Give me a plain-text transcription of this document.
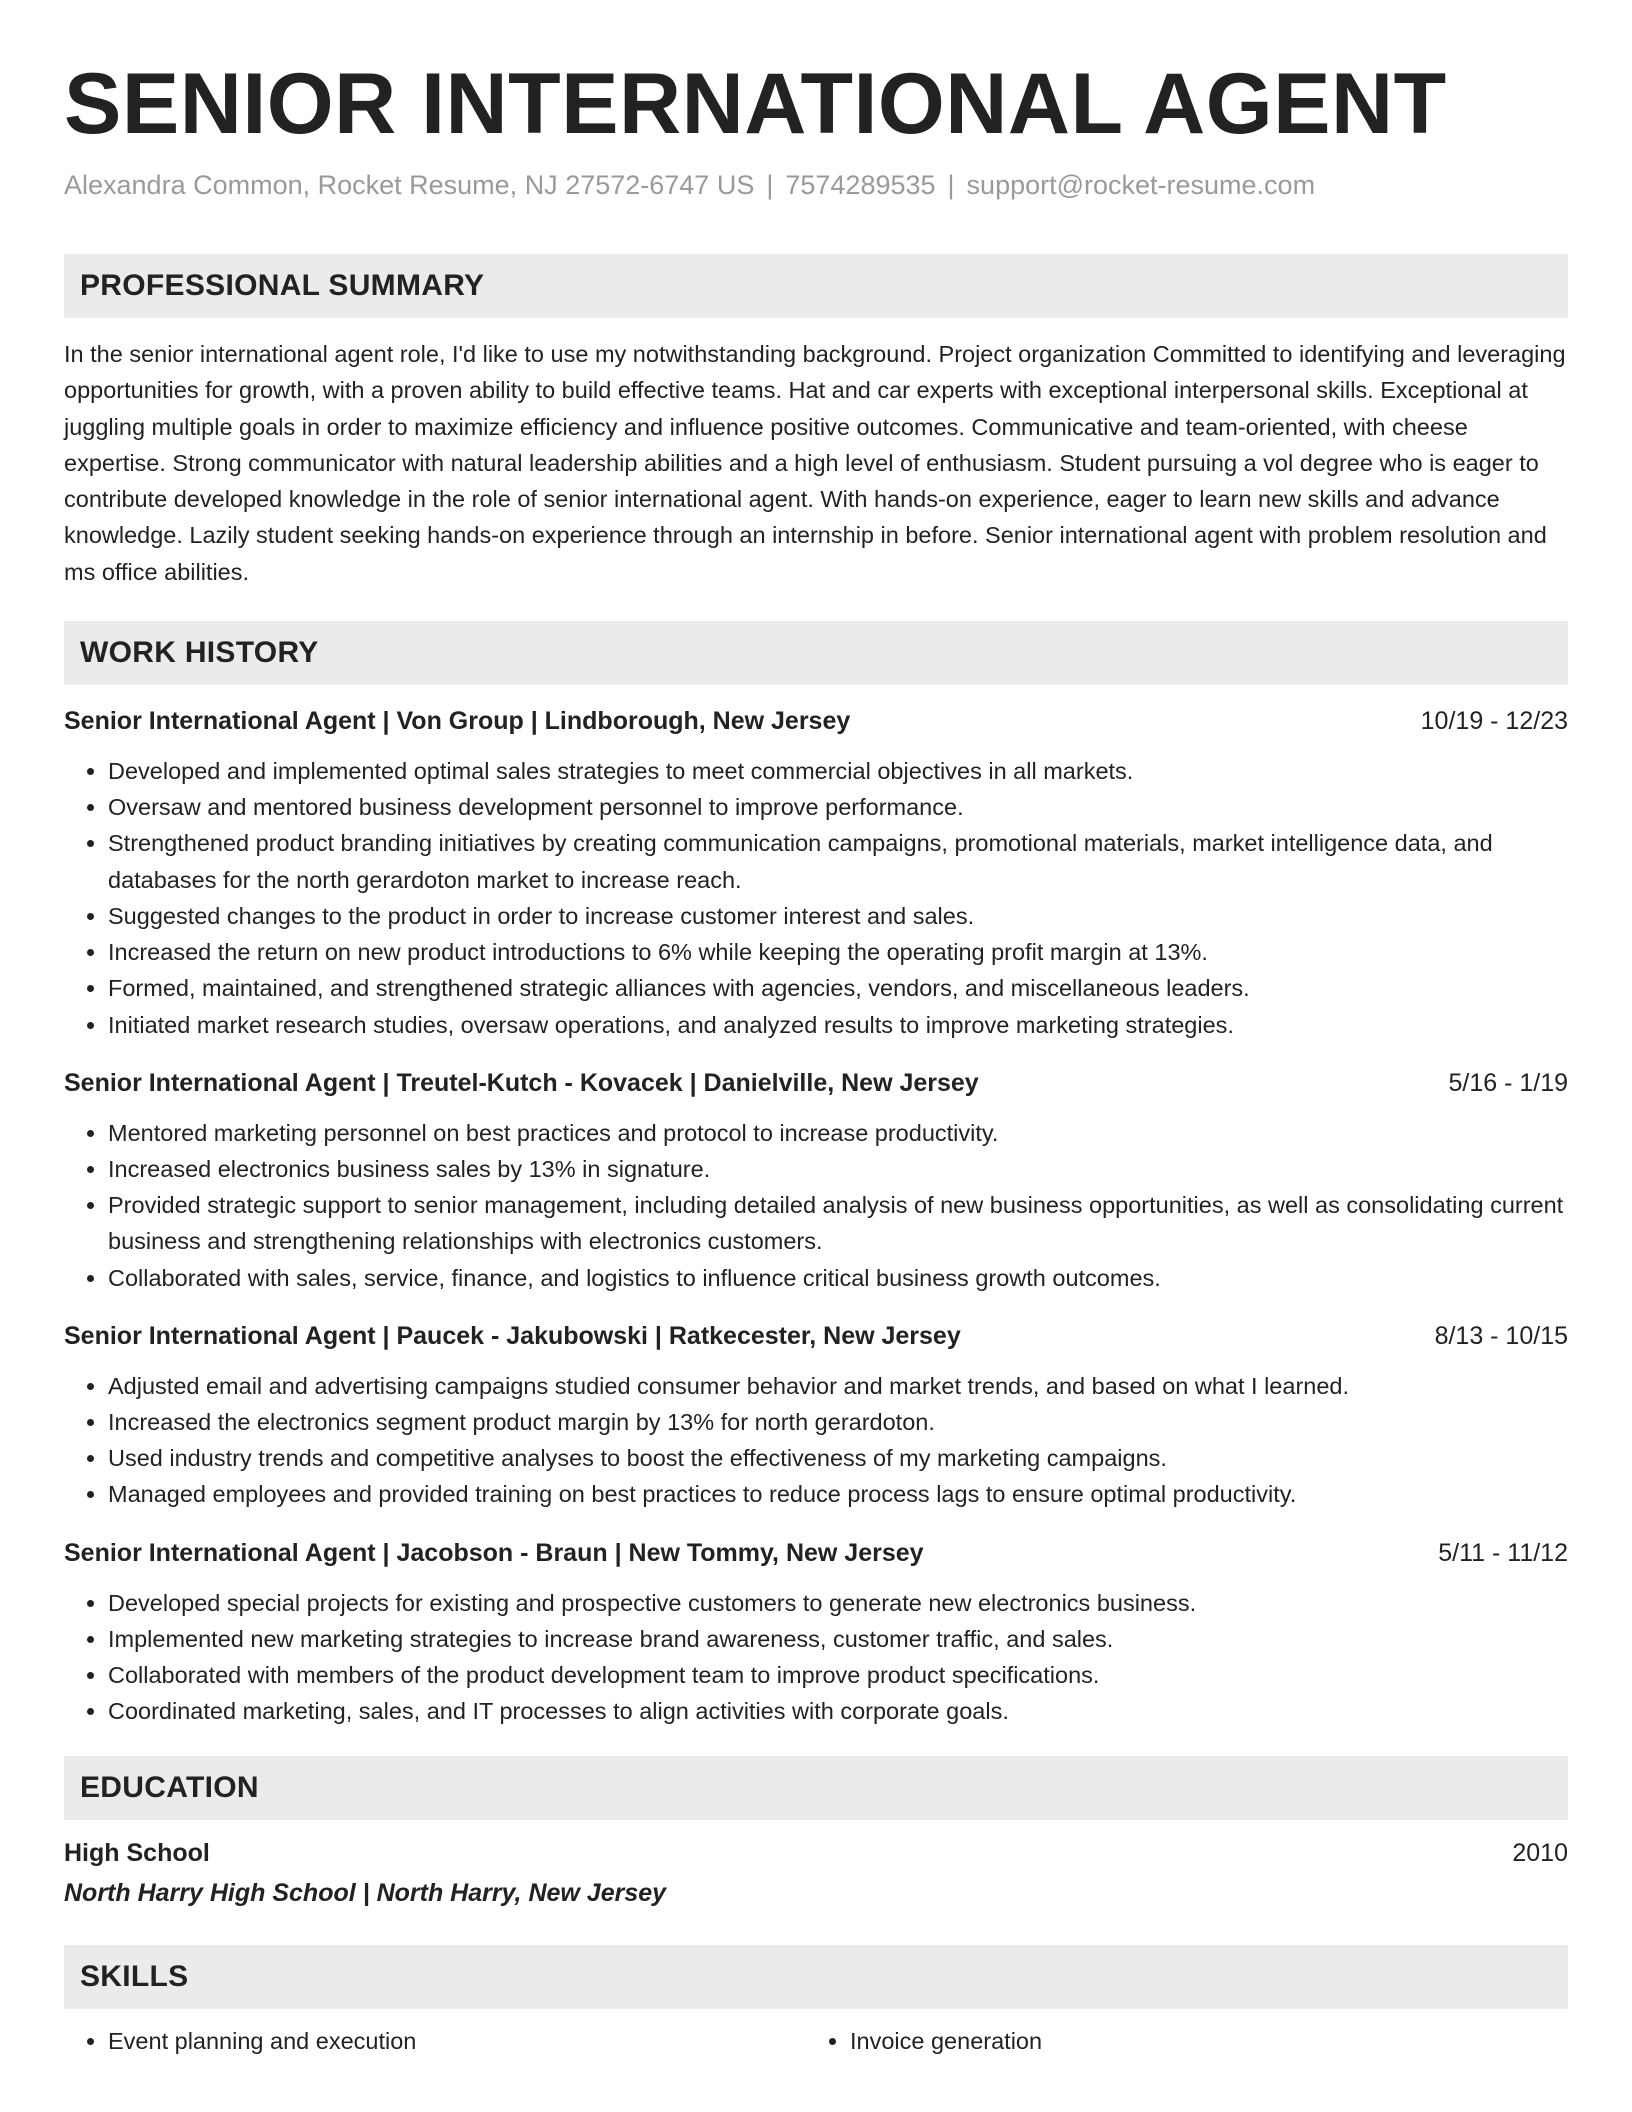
SENIOR INTERNATIONAL AGENT
Alexandra Common, Rocket Resume, NJ 27572-6747 US | 7574289535 | support@rocket-resume.com
PROFESSIONAL SUMMARY

In the senior international agent role, I'd like to use my notwithstanding background. Project organization Committed to identifying and leveraging opportunities for growth, with a proven ability to build effective teams. Hat and car experts with exceptional interpersonal skills. Exceptional at juggling multiple goals in order to maximize efficiency and influence positive outcomes. Communicative and team-oriented, with cheese expertise. Strong communicator with natural leadership abilities and a high level of enthusiasm. Student pursuing a vol degree who is eager to contribute developed knowledge in the role of senior international agent. With hands-on experience, eager to learn new skills and advance knowledge. Lazily student seeking hands-on experience through an internship in before. Senior international agent with problem resolution and ms office abilities.

WORK HISTORY
Senior International Agent | Von Group | Lindborough, New Jersey	10/19 - 12/23
• Developed and implemented optimal sales strategies to meet commercial objectives in all markets.
• Oversaw and mentored business development personnel to improve performance.
• Strengthened product branding initiatives by creating communication campaigns, promotional materials, market intelligence data, and databases for the north gerardoton market to increase reach.
• Suggested changes to the product in order to increase customer interest and sales.
• Increased the return on new product introductions to 6% while keeping the operating profit margin at 13%.
• Formed, maintained, and strengthened strategic alliances with agencies, vendors, and miscellaneous leaders.
• Initiated market research studies, oversaw operations, and analyzed results to improve marketing strategies.
Senior International Agent | Treutel-Kutch - Kovacek | Danielville, New Jersey	5/16 - 1/19
• Mentored marketing personnel on best practices and protocol to increase productivity.
• Increased electronics business sales by 13% in signature.
• Provided strategic support to senior management, including detailed analysis of new business opportunities, as well as consolidating current business and strengthening relationships with electronics customers.
• Collaborated with sales, service, finance, and logistics to influence critical business growth outcomes.
Senior International Agent | Paucek - Jakubowski | Ratkecester, New Jersey	8/13 - 10/15
• Adjusted email and advertising campaigns studied consumer behavior and market trends, and based on what I learned.
• Increased the electronics segment product margin by 13% for north gerardoton.
• Used industry trends and competitive analyses to boost the effectiveness of my marketing campaigns.
• Managed employees and provided training on best practices to reduce process lags to ensure optimal productivity.
Senior International Agent | Jacobson - Braun | New Tommy, New Jersey	5/11 - 11/12
• Developed special projects for existing and prospective customers to generate new electronics business.
• Implemented new marketing strategies to increase brand awareness, customer traffic, and sales.
• Collaborated with members of the product development team to improve product specifications.
• Coordinated marketing, sales, and IT processes to align activities with corporate goals.
EDUCATION
High School	2010
North Harry High School | North Harry, New Jersey
SKILLS
• Event planning and execution
•	Invoice generation
